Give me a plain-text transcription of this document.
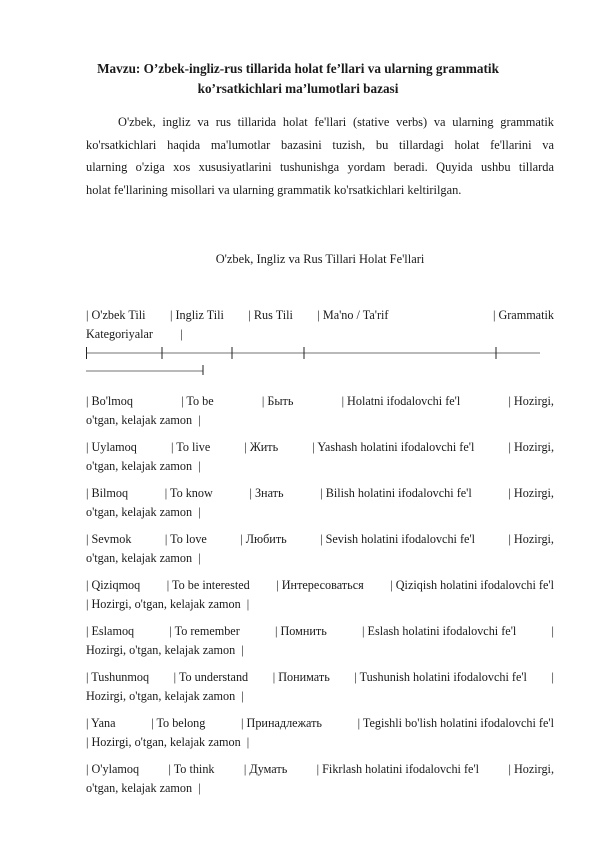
Mavzu: O’zbek-ingliz-rus tillarida holat fe’llari va ularning grammatik
ko’rsatkichlari ma’lumotlari bazasi
O'zbek, ingliz va rus tillarida holat fe'llari (stative verbs) va ularning grammatik
ko'rsatkichlari haqida ma'lumotlar bazasini tuzish, bu tillardagi holat fe'llarini va
ularning o'ziga xos xususiyatlarini tushunishga yordam beradi. Quyida ushbu tillarda
holat fe'llarining misollari va ularning grammatik ko'rsatkichlari keltirilgan.
O'zbek, Ingliz va Rus Tillari Holat Fe'llari
| O'zbek Tili | Ingliz Tili | Rus Tili | Ma'no / Ta'rif	| Grammatik
Kategoriyalar         |
| Bo'lmoq	| To be	| Быть	| Holatni ifodalovchi fe'l	| Hozirgi,
o'tgan, kelajak zamon  |
| Uylamoq	| To live	| Жить	| Yashash holatini ifodalovchi fe'l	| Hozirgi,
o'tgan, kelajak zamon  |
| Bilmoq	| To know	| Знать	| Bilish holatini ifodalovchi fe'l	| Hozirgi,
o'tgan, kelajak zamon  |
| Sevmok	| To love	| Любить	| Sevish holatini ifodalovchi fe'l	| Hozirgi,
o'tgan, kelajak zamon  |
| Qiziqmoq | To be interested | Интересоваться | Qiziqish holatini ifodalovchi fe'l
| Hozirgi, o'tgan, kelajak zamon  |
| Eslamoq	| To remember	| Помнить	| Eslash holatini ifodalovchi fe'l	|
Hozirgi, o'tgan, kelajak zamon  |
| Tushunmoq | To understand | Понимать | Tushunish holatini ifodalovchi fe'l |
Hozirgi, o'tgan, kelajak zamon  |
| Yana	| To belong	| Принадлежать	| Tegishli bo'lish holatini ifodalovchi fe'l
| Hozirgi, o'tgan, kelajak zamon  |
| O'ylamoq | To think | Думать | Fikrlash holatini ifodalovchi fe'l | Hozirgi,
o'tgan, kelajak zamon  |
